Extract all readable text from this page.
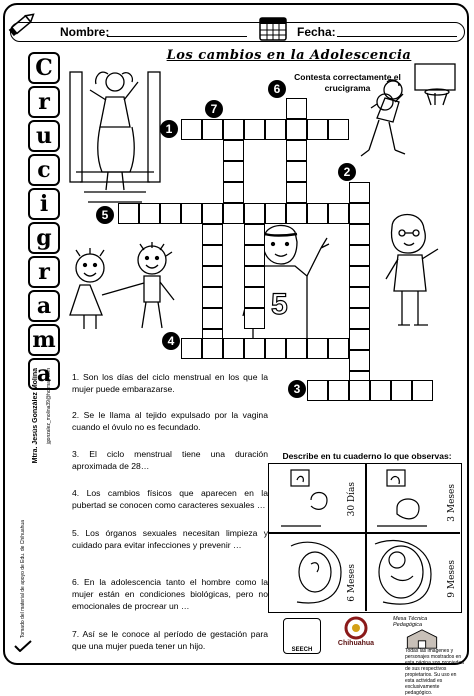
Nombre:	Fecha:
Los cambios en la Adolescencia
Contesta correctamente el crucigrama
C
r
u
c
i
g
r
a
m
a
5
1
2
3
4
5
6
7
1. Son los días del ciclo menstrual en los que la mujer puede embarazarse.
2. Se le llama al tejido expulsado por la vagina cuando el óvulo no es fecundado.
3. El ciclo menstrual tiene una duración aproximada de 28…
4. Los cambios físicos que aparecen en la pubertad se conocen como caracteres sexuales …
5. Los órganos sexuales necesitan limpieza y cuidado para evitar infecciones y prevenir …
6. En la adolescencia tanto el hombre como la mujer están en condiciones biológicas, pero no emocionales de procrear un …
7. Así se le conoce al período de gestación para que una mujer pueda tener un hijo.
Mtra. Jesús González Molina jgonzalez_molina39@hotmail.com
Tomado del material de apoyo de Edu. de Chihuahua
Describe en tu cuaderno lo que observas:
30 Días	3 Meses
6 Meses	9 Meses
SEECH
Chihuahua
Mesa Técnica Pedagógica
Todas las imágenes y personajes mostrados en esta página son propiedad de sus respectivos propietarios. Su uso en esta actividad es exclusivamente pedagógico.
